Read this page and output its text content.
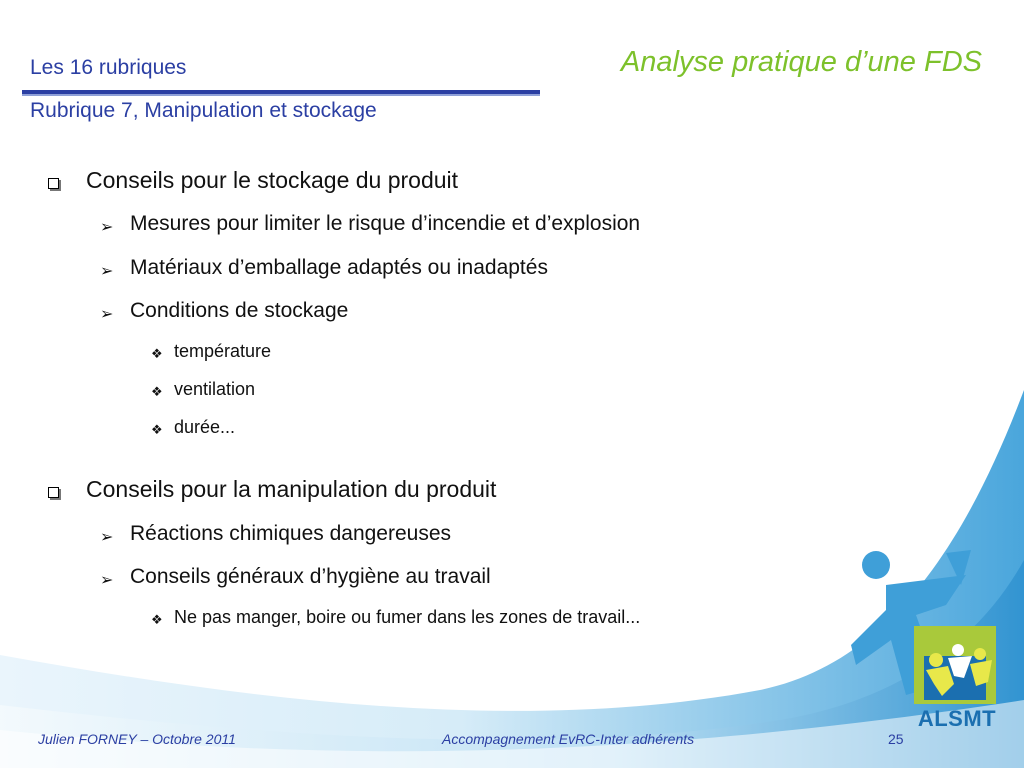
Les 16 rubriques
Rubrique 7, Manipulation et stockage
Analyse pratique d’une FDS
Conseils pour le stockage du produit
➢ Mesures pour limiter le risque d’incendie et d’explosion
➢ Matériaux d’emballage adaptés ou inadaptés
➢ Conditions de stockage
❖ température
❖ ventilation
❖ durée...
Conseils pour la manipulation du produit
➢ Réactions chimiques dangereuses
➢ Conseils généraux d’hygiène au travail
❖ Ne pas manger, boire ou fumer dans les zones de travail...
ALSMT
Julien FORNEY – Octobre 2011	Accompagnement EvRC-Inter adhérents	25
